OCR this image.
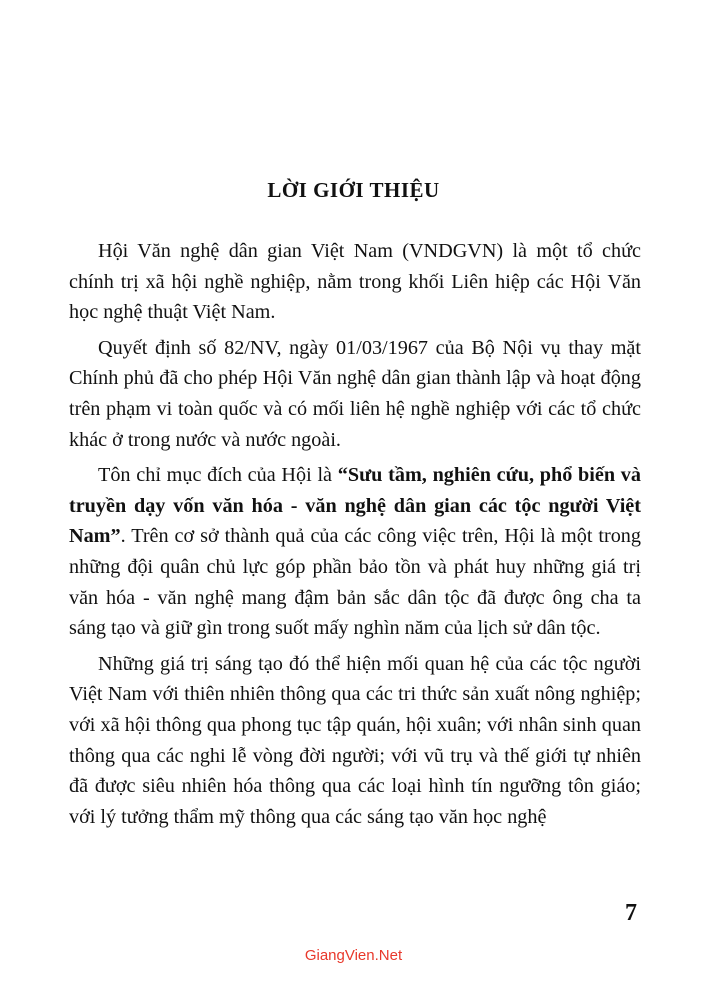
LỜI GIỚI THIỆU

Hội Văn nghệ dân gian Việt Nam (VNDGVN) là một tổ chức chính trị xã hội nghề nghiệp, nằm trong khối Liên hiệp các Hội Văn học nghệ thuật Việt Nam.

Quyết định số 82/NV, ngày 01/03/1967 của Bộ Nội vụ thay mặt Chính phủ đã cho phép Hội Văn nghệ dân gian thành lập và hoạt động trên phạm vi toàn quốc và có mối liên hệ nghề nghiệp với các tổ chức khác ở trong nước và nước ngoài.

Tôn chỉ mục đích của Hội là “Sưu tầm, nghiên cứu, phổ biến và truyền dạy vốn văn hóa - văn nghệ dân gian các tộc người Việt Nam”. Trên cơ sở thành quả của các công việc trên, Hội là một trong những đội quân chủ lực góp phần bảo tồn và phát huy những giá trị văn hóa - văn nghệ mang đậm bản sắc dân tộc đã được ông cha ta sáng tạo và giữ gìn trong suốt mấy nghìn năm của lịch sử dân tộc.

Những giá trị sáng tạo đó thể hiện mối quan hệ của các tộc người Việt Nam với thiên nhiên thông qua các tri thức sản xuất nông nghiệp; với xã hội thông qua phong tục tập quán, hội xuân; với nhân sinh quan thông qua các nghi lễ vòng đời người; với vũ trụ và thế giới tự nhiên đã được siêu nhiên hóa thông qua các loại hình tín ngưỡng tôn giáo; với lý tưởng thẩm mỹ thông qua các sáng tạo văn học nghệ

7
GiangVien.Net
